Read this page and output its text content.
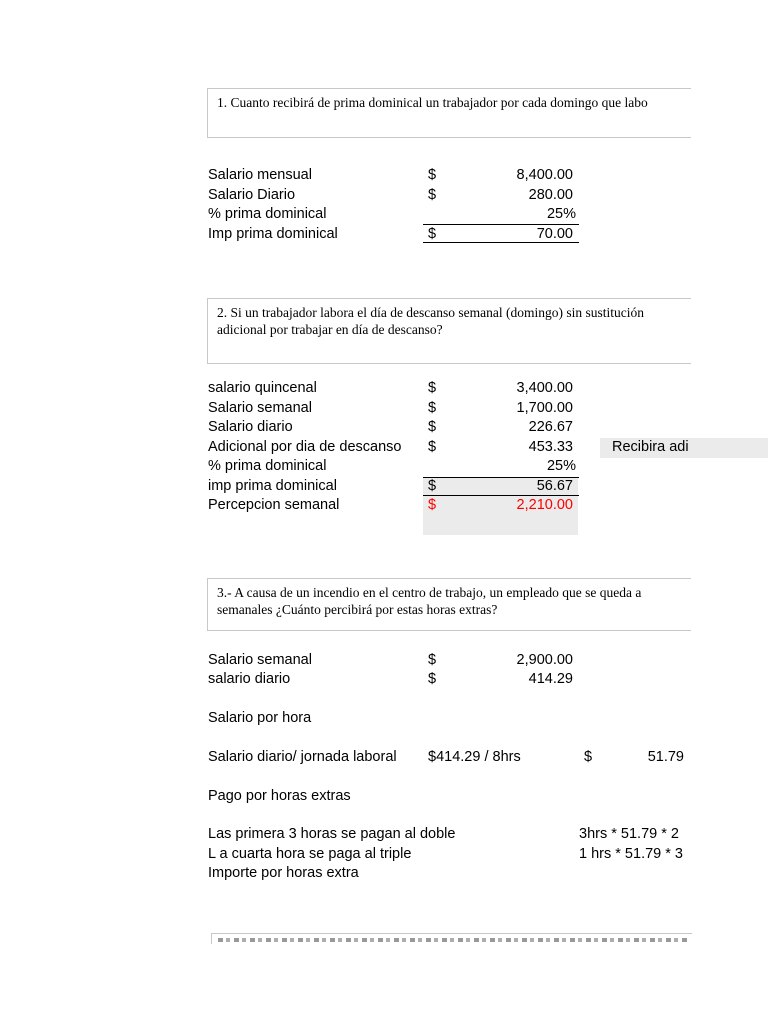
1. Cuanto recibirá de prima dominical un trabajador por cada domingo que labo
Salario mensual	$	8,400.00
Salario Diario	$	280.00
% prima dominical	25%
Imp prima dominical	$	70.00
2. Si un trabajador labora el día de descanso semanal (domingo) sin sustitución
adicional por trabajar en día de descanso?
salario quincenal	$	3,400.00
Salario semanal	$	1,700.00
Salario diario	$	226.67
Adicional por dia de descanso $	453.33	Recibira adi
% prima dominical	25%
imp prima dominical	$	56.67
Percepcion semanal	$	2,210.00
3.- A causa de un incendio en el centro de trabajo, un empleado que se queda a
semanales ¿Cuánto percibirá por estas horas extras?
Salario semanal	$	2,900.00
salario diario	$	414.29
Salario por hora
Salario diario/ jornada laboral $414.29 / 8hrs	$	51.79
Pago por horas extras
Las primera 3 horas se pagan al doble	3hrs * 51.79 * 2
L a cuarta hora se paga al triple	1 hrs * 51.79 * 3
Importe por horas extra
